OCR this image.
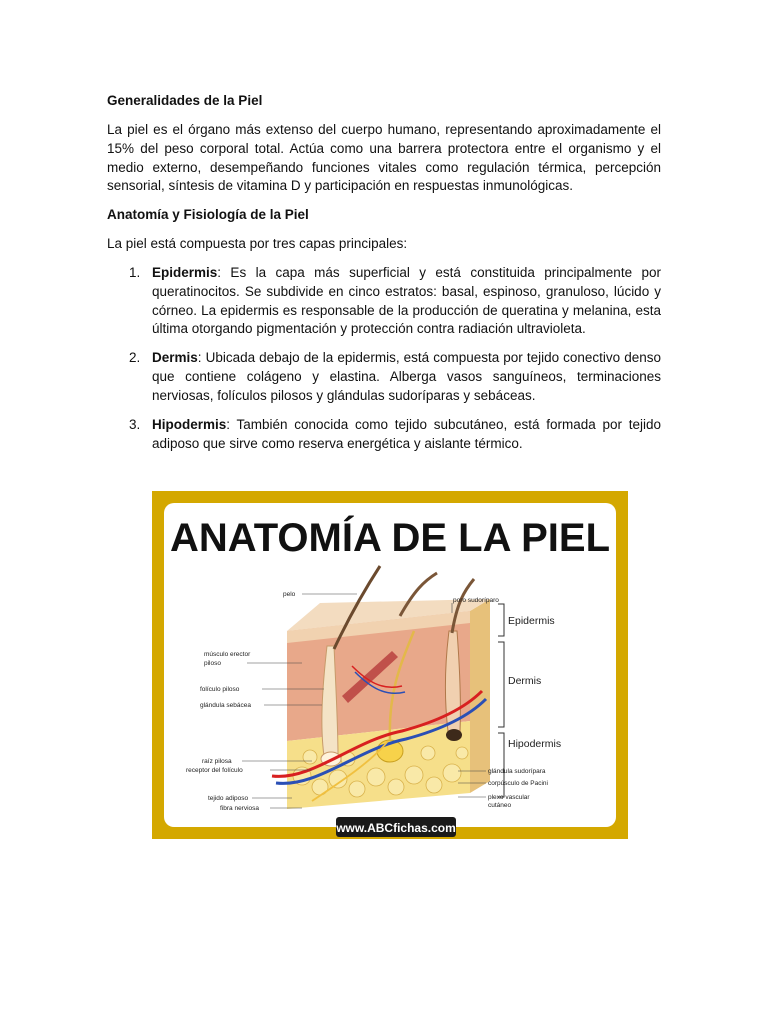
Generalidades de la Piel
La piel es el órgano más extenso del cuerpo humano, representando aproximadamente el 15% del peso corporal total. Actúa como una barrera protectora entre el organismo y el medio externo, desempeñando funciones vitales como regulación térmica, percepción sensorial, síntesis de vitamina D y participación en respuestas inmunológicas.
Anatomía y Fisiología de la Piel
La piel está compuesta por tres capas principales:
1. Epidermis: Es la capa más superficial y está constituida principalmente por queratinocitos. Se subdivide en cinco estratos: basal, espinoso, granuloso, lúcido y córneo. La epidermis es responsable de la producción de queratina y melanina, esta última otorgando pigmentación y protección contra radiación ultravioleta.
2. Dermis: Ubicada debajo de la epidermis, está compuesta por tejido conectivo denso que contiene colágeno y elastina. Alberga vasos sanguíneos, terminaciones nerviosas, folículos pilosos y glándulas sudoríparas y sebáceas.
3. Hipodermis: También conocida como tejido subcutáneo, está formada por tejido adiposo que sirve como reserva energética y aislante térmico.
ANATOMÍA DE LA PIEL
Epidermis
Dermis
Hipodermis
pelo
músculo erector
piloso
folículo piloso
glándula sebácea
raíz pilosa
receptor del folículo
tejido adiposo
fibra nerviosa
poro sudoríparo
glándula sudorípara
corpúsculo de Pacini
plexo vascular
cutáneo
www.ABCfichas.com
